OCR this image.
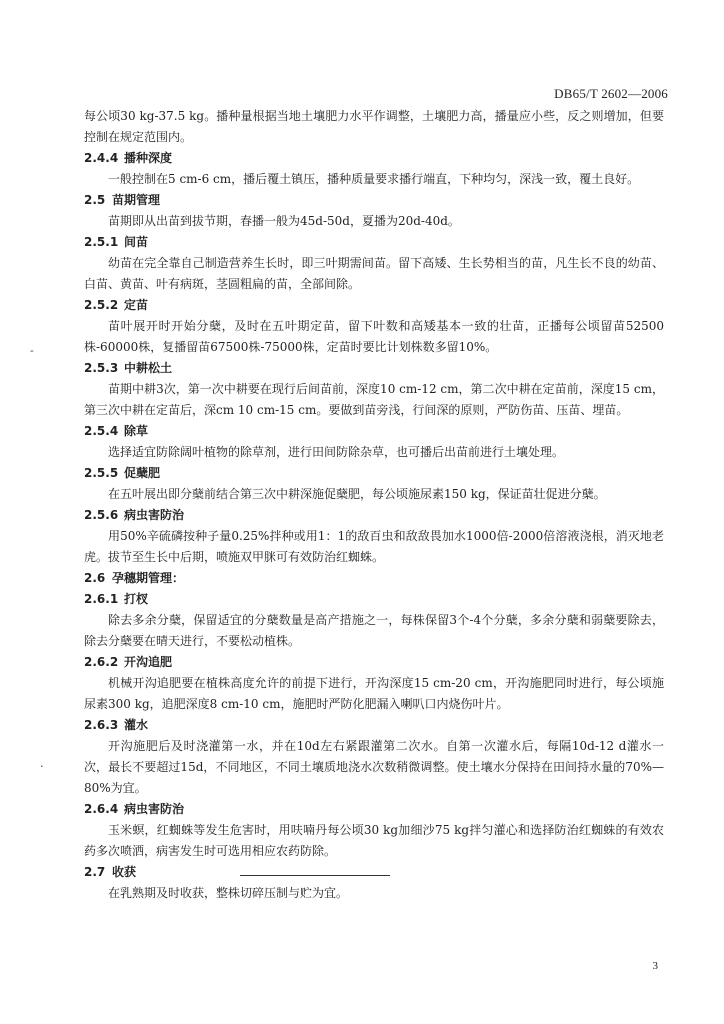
DB65/T 2602—2006

每公顷30 kg-37.5 kg。播种量根据当地土壤肥力水平作调整，土壤肥力高，播量应小些，反之则增加，但要控制在规定范围内。

2.4.4 播种深度

一般控制在5 cm-6 cm，播后覆土镇压，播种质量要求播行端直，下种均匀，深浅一致，覆土良好。

2.5 苗期管理

苗期即从出苗到拔节期，春播一般为45d-50d，夏播为20d-40d。

2.5.1 间苗

幼苗在完全靠自己制造营养生长时，即三叶期需间苗。留下高矮、生长势相当的苗，凡生长不良的幼苗、白苗、黄苗、叶有病斑，茎圆粗扁的苗，全部间除。

2.5.2 定苗

苗叶展开时开始分蘖，及时在五叶期定苗，留下叶数和高矮基本一致的壮苗，正播每公顷留苗52500株-60000株，复播留苗67500株-75000株，定苗时要比计划株数多留10%。

2.5.3 中耕松土

苗期中耕3次，第一次中耕要在现行后间苗前，深度10 cm-12 cm，第二次中耕在定苗前，深度15 cm，第三次中耕在定苗后，深cm 10 cm-15 cm。要做到苗旁浅，行间深的原则，严防伤苗、压苗、埋苗。

2.5.4 除草

选择适宜防除阔叶植物的除草剂，进行田间防除杂草，也可播后出苗前进行土壤处理。

2.5.5 促蘖肥

在五叶展出即分蘖前结合第三次中耕深施促蘖肥，每公顷施尿素150 kg，保证苗壮促进分蘖。

2.5.6 病虫害防治

用50%辛硫磷按种子量0.25%拌种或用1：1的敌百虫和敌敌畏加水1000倍-2000倍溶液浇根，消灭地老虎。拔节至生长中后期，喷施双甲脒可有效防治红蜘蛛。

2.6 孕穗期管理：

2.6.1 打杈

除去多余分蘖，保留适宜的分蘖数量是高产措施之一，每株保留3个-4个分蘖，多余分蘖和弱蘖要除去，除去分蘖要在晴天进行，不要松动植株。

2.6.2 开沟追肥

机械开沟追肥要在植株高度允许的前提下进行，开沟深度15 cm-20 cm，开沟施肥同时进行，每公顷施尿素300 kg，追肥深度8 cm-10 cm，施肥时严防化肥漏入喇叭口内烧伤叶片。

2.6.3 灌水

开沟施肥后及时浇灌第一水，并在10d左右紧跟灌第二次水。自第一次灌水后，每隔10d-12 d灌水一次，最长不要超过15d，不同地区，不同土壤质地浇水次数稍微调整。使土壤水分保持在田间持水量的70%—80%为宜。

2.6.4 病虫害防治

玉米螟，红蜘蛛等发生危害时，用呋喃丹每公顷30 kg加细沙75 kg拌匀灌心和选择防治红蜘蛛的有效农药多次喷洒，病害发生时可选用相应农药防除。

2.7 收获

在乳熟期及时收获，整株切碎压制与贮为宜。

3
-
·
